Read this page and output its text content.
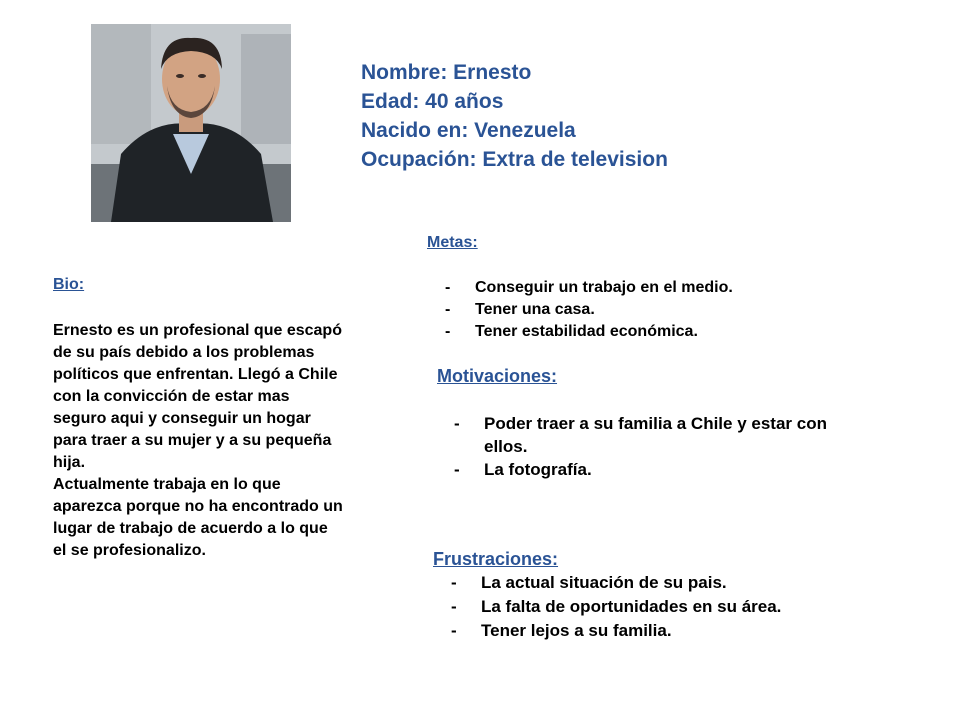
Nombre: Ernesto
Edad: 40 años
Nacido en: Venezuela
Ocupación: Extra de television
Bio:

Ernesto es un profesional que escapó de su país debido a los problemas políticos que enfrentan. Llegó a Chile con la convicción de estar mas seguro aqui y conseguir un hogar para traer a su mujer y a su pequeña hija.
Actualmente trabaja en lo que aparezca porque no ha encontrado un lugar de trabajo de acuerdo a lo que el se profesionalizo.

Metas:
- Conseguir un trabajo en el medio.
- Tener una casa.
- Tener estabilidad económica.
Motivaciones:
- Poder traer a su familia a Chile y estar con ellos.
- La fotografía.
Frustraciones:
- La actual situación de su pais.
- La falta de oportunidades en su área.
- Tener lejos a su familia.
